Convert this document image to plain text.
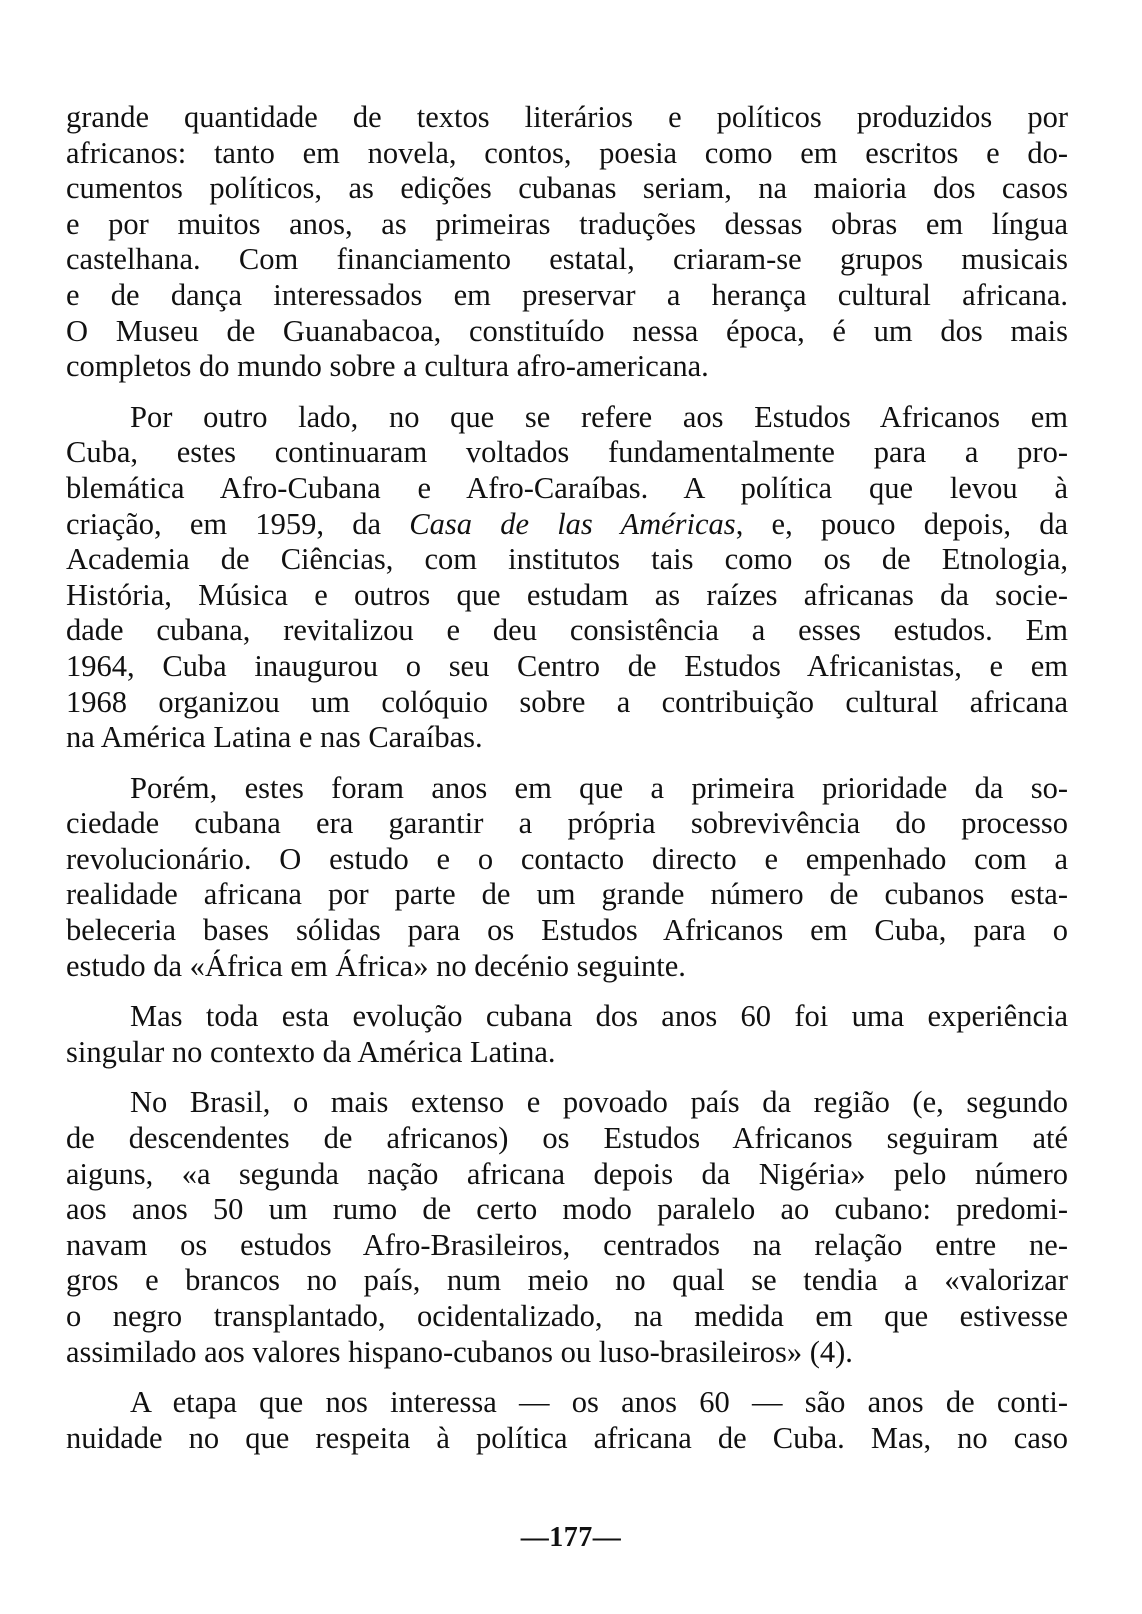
grande quantidade de textos literários e políticos produzidos por
africanos: tanto em novela, contos, poesia como em escritos e do-
cumentos políticos, as edições cubanas seriam, na maioria dos casos
e por muitos anos, as primeiras traduções dessas obras em língua
castelhana. Com financiamento estatal, criaram-se grupos musicais
e de dança interessados em preservar a herança cultural africana.
O Museu de Guanabacoa, constituído nessa época, é um dos mais
completos do mundo sobre a cultura afro-americana.
Por outro lado, no que se refere aos Estudos Africanos em
Cuba, estes continuaram voltados fundamentalmente para a pro-
blemática Afro-Cubana e Afro-Caraíbas. A política que levou à
criação, em 1959, da Casa de las Américas, e, pouco depois, da
Academia de Ciências, com institutos tais como os de Etnologia,
História, Música e outros que estudam as raízes africanas da socie-
dade cubana, revitalizou e deu consistência a esses estudos. Em
1964, Cuba inaugurou o seu Centro de Estudos Africanistas, e em
1968 organizou um colóquio sobre a contribuição cultural africana
na América Latina e nas Caraíbas.
Porém, estes foram anos em que a primeira prioridade da so-
ciedade cubana era garantir a própria sobrevivência do processo
revolucionário. O estudo e o contacto directo e empenhado com a
realidade africana por parte de um grande número de cubanos esta-
beleceria bases sólidas para os Estudos Africanos em Cuba, para o
estudo da «África em África» no decénio seguinte.
Mas toda esta evolução cubana dos anos 60 foi uma experiência
singular no contexto da América Latina.
No Brasil, o mais extenso e povoado país da região (e, segundo
de descendentes de africanos) os Estudos Africanos seguiram até
aiguns, «a segunda nação africana depois da Nigéria» pelo número
aos anos 50 um rumo de certo modo paralelo ao cubano: predomi-
navam os estudos Afro-Brasileiros, centrados na relação entre ne-
gros e brancos no país, num meio no qual se tendia a «valorizar
o negro transplantado, ocidentalizado, na medida em que estivesse
assimilado aos valores hispano-cubanos ou luso-brasileiros» (4).
A etapa que nos interessa — os anos 60 — são anos de conti-
nuidade no que respeita à política africana de Cuba. Mas, no caso
—177—
